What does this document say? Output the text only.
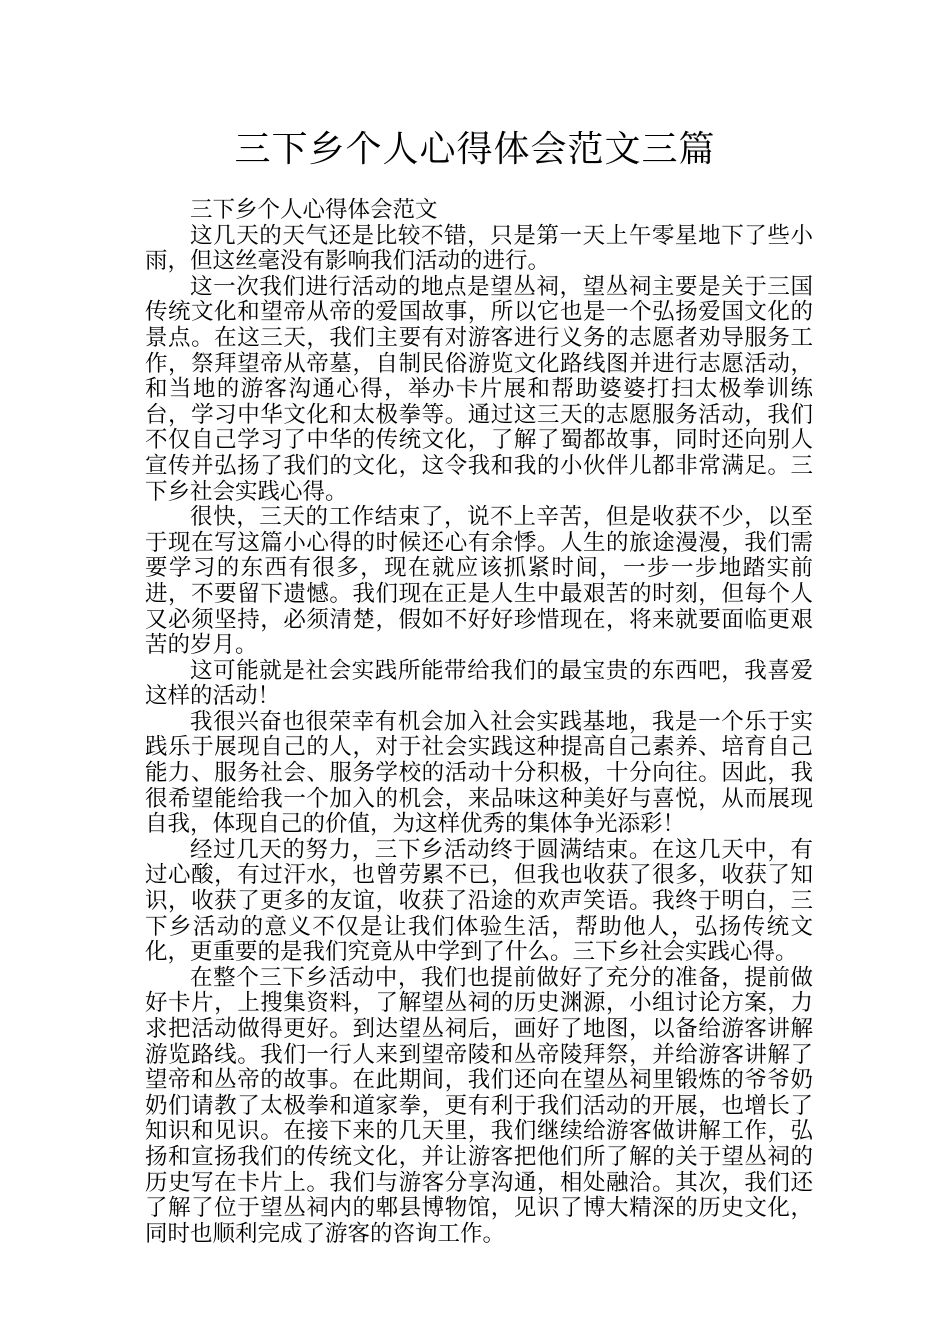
三下乡个人心得体会范文三篇

三下乡个人心得体会范文

这几天的天气还是比较不错，只是第一天上午零星地下了些小雨，但这丝毫没有影响我们活动的进行。

这一次我们进行活动的地点是望丛祠，望丛祠主要是关于三国传统文化和望帝从帝的爱国故事，所以它也是一个弘扬爱国文化的景点。在这三天，我们主要有对游客进行义务的志愿者劝导服务工作，祭拜望帝从帝墓，自制民俗游览文化路线图并进行志愿活动，和当地的游客沟通心得，举办卡片展和帮助婆婆打扫太极拳训练台，学习中华文化和太极拳等。通过这三天的志愿服务活动，我们不仅自己学习了中华的传统文化，了解了蜀都故事，同时还向别人宣传并弘扬了我们的文化，这令我和我的小伙伴儿都非常满足。三下乡社会实践心得。

很快，三天的工作结束了，说不上辛苦，但是收获不少，以至于现在写这篇小心得的时候还心有余悸。人生的旅途漫漫，我们需要学习的东西有很多，现在就应该抓紧时间，一步一步地踏实前进，不要留下遗憾。我们现在正是人生中最艰苦的时刻，但每个人又必须坚持，必须清楚，假如不好好珍惜现在，将来就要面临更艰苦的岁月。

这可能就是社会实践所能带给我们的最宝贵的东西吧，我喜爱这样的活动！

我很兴奋也很荣幸有机会加入社会实践基地，我是一个乐于实践乐于展现自己的人，对于社会实践这种提高自己素养、培育自己能力、服务社会、服务学校的活动十分积极，十分向往。因此，我很希望能给我一个加入的机会，来品味这种美好与喜悦，从而展现自我，体现自己的价值，为这样优秀的集体争光添彩！

经过几天的努力，三下乡活动终于圆满结束。在这几天中，有过心酸，有过汗水，也曾劳累不已，但我也收获了很多，收获了知识，收获了更多的友谊，收获了沿途的欢声笑语。我终于明白，三下乡活动的意义不仅是让我们体验生活，帮助他人，弘扬传统文化，更重要的是我们究竟从中学到了什么。三下乡社会实践心得。

在整个三下乡活动中，我们也提前做好了充分的准备，提前做好卡片，上搜集资料，了解望丛祠的历史渊源，小组讨论方案，力求把活动做得更好。到达望丛祠后，画好了地图，以备给游客讲解游览路线。我们一行人来到望帝陵和丛帝陵拜祭，并给游客讲解了望帝和丛帝的故事。在此期间，我们还向在望丛祠里锻炼的爷爷奶奶们请教了太极拳和道家拳，更有利于我们活动的开展，也增长了知识和见识。在接下来的几天里，我们继续给游客做讲解工作，弘扬和宣扬我们的传统文化，并让游客把他们所了解的关于望丛祠的历史写在卡片上。我们与游客分享沟通，相处融洽。其次，我们还了解了位于望丛祠内的郫县博物馆，见识了博大精深的历史文化，同时也顺利完成了游客的咨询工作。
